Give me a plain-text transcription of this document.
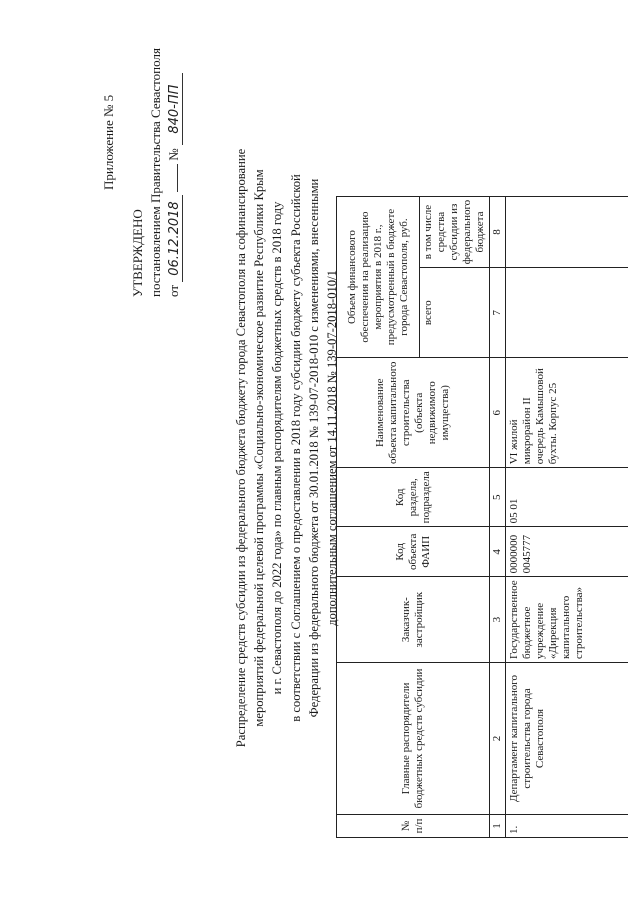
Приложение № 5
УТВЕРЖДЕНО постановлением Правительства Севастополя от 06.12.2018  № 840-ПП
Распределение средств субсидии из федерального бюджета бюджету города Севастополя на софинансирование мероприятий федеральной целевой программы «Социально-экономическое развитие Республики Крым и г. Севастополя до 2022 года» по главным распорядителям бюджетных средств в 2018 году в соответствии с Соглашением о предоставлении в 2018 году субсидии бюджету субъекта Российской Федерации из федерального бюджета от 30.01.2018 № 139-07-2018-010 с изменениями, внесенными дополнительным соглашением от 14.11.2018 № 139-07-2018-010/1
№ п/п	Главные распорядители бюджетных средств субсидии	Заказчик-застройщик	Код объекта ФАИП	Код раздела, подраздела	Наименование объекта капитального строительства (объекта недвижимого имущества)	Объем финансового обеспечения на реализацию мероприятия в 2018 г., предусмотренный в бюджете города Севастополя, руб.	
						всего	в том числе средства субсидии из федерального бюджета
1	2	3	4	5	6	7	8
1.	Департамент капитального строительства города Севастополя	Государственное бюджетное учреждение «Дирекция капитального строительства»	0000000 0045777	05 01	VI жилой микрорайон II очередь Камышовой бухты. Корпус 25		
